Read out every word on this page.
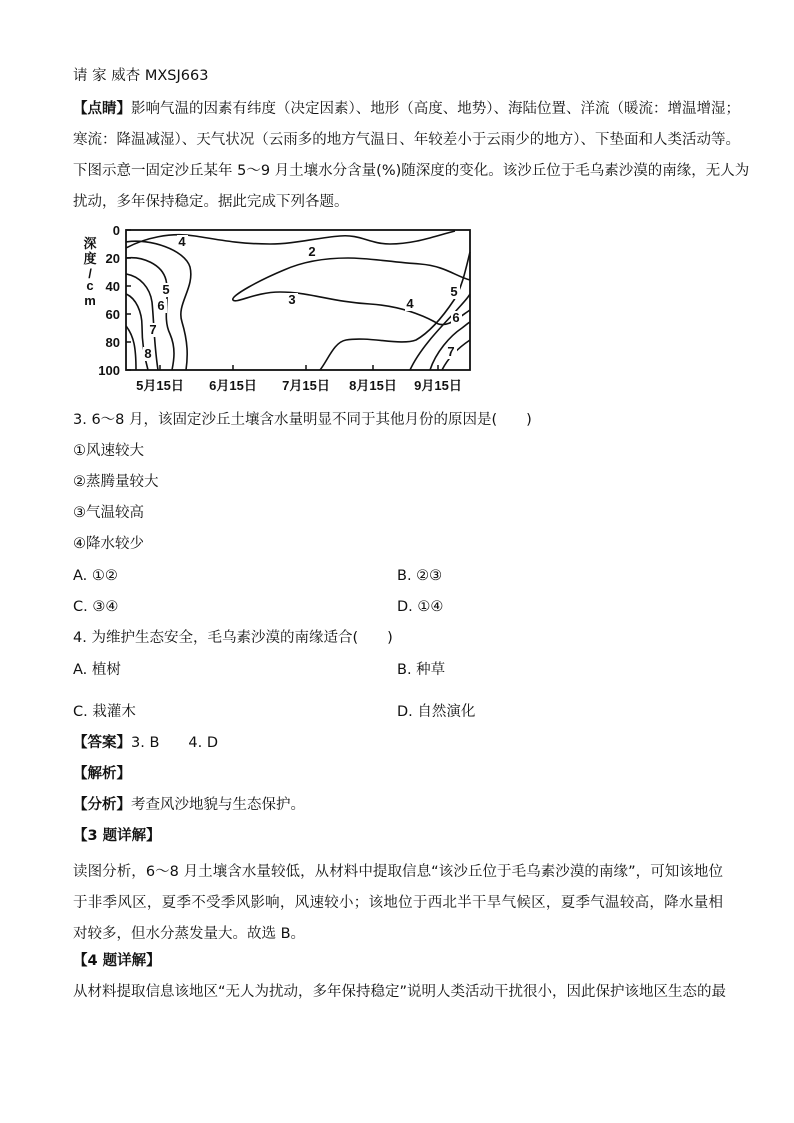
请 家 威杏 MXSJ663
【点睛】影响气温的因素有纬度（决定因素）、地形（高度、地势）、海陆位置、洋流（暖流：增温增湿；
寒流：降温减湿）、天气状况（云雨多的地方气温日、年较差小于云雨少的地方）、下垫面和人类活动等。
下图示意一固定沙丘某年 5～9 月土壤水分含量(%)随深度的变化。该沙丘位于毛乌素沙漠的南缘，无人为
扰动，多年保持稳定。据此完成下列各题。
深度/ c m
0
20
40
60
80
100
5月15日 6月15日 7月15日 8月15日 9月15日
2
3
4
4
5	5
6
6
7
7
8
3. 6～8 月，该固定沙丘土壤含水量明显不同于其他月份的原因是(　　)
①风速较大
②蒸腾量较大
③气温较高
④降水较少
A. ①②	B. ②③
C. ③④	D. ①④
4. 为维护生态安全，毛乌素沙漠的南缘适合(　　)
A. 植树	B. 种草
C. 栽灌木	D. 自然演化
【答案】3. B　　4. D
【解析】
【分析】考查风沙地貌与生态保护。
【3 题详解】
读图分析，6～8 月土壤含水量较低，从材料中提取信息“该沙丘位于毛乌素沙漠的南缘”，可知该地位于非季风区，夏季不受季风影响，风速较小；该地位于西北半干旱气候区，夏季气温较高，降水量相对较多，但水分蒸发量大。故选 B。
【4 题详解】
从材料提取信息该地区“无人为扰动，多年保持稳定”说明人类活动干扰很小，因此保护该地区生态的最
